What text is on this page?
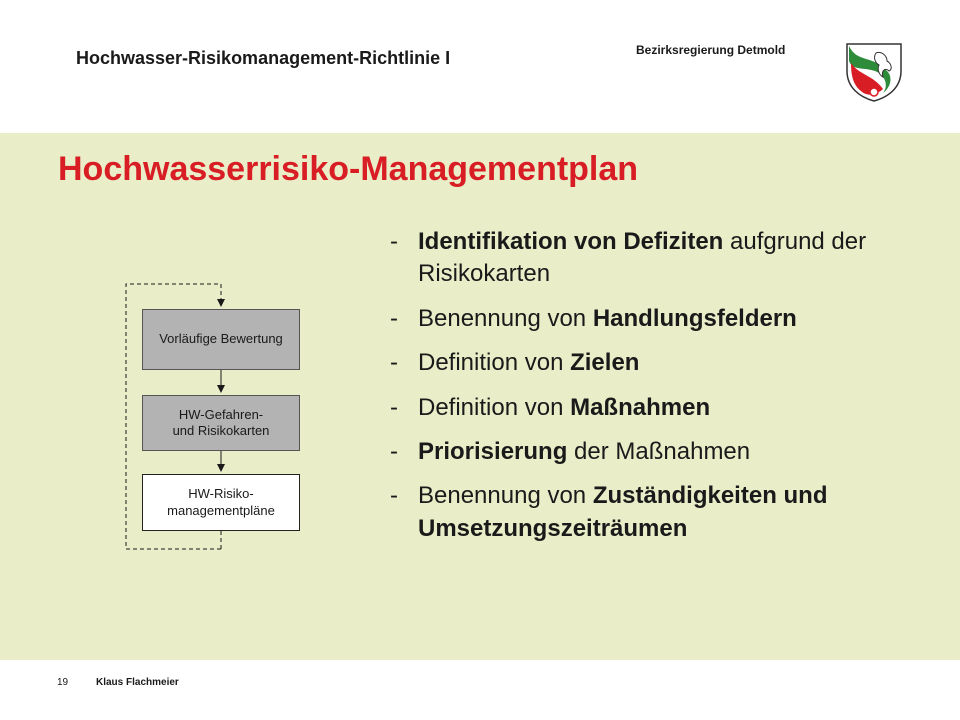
Hochwasser-Risikomanagement-Richtlinie I	Bezirksregierung Detmold
Hochwasserrisiko-Managementplan
Vorläufige Bewertung
HW-Gefahren-
und Risikokarten
HW-Risiko-
managementpläne
- Identifikation von Defiziten aufgrund der Risikokarten
- Benennung von Handlungsfeldern
- Definition von Zielen
- Definition von Maßnahmen
- Priorisierung der Maßnahmen
- Benennung von Zuständigkeiten und Umsetzungszeiträumen
19	Klaus Flachmeier
